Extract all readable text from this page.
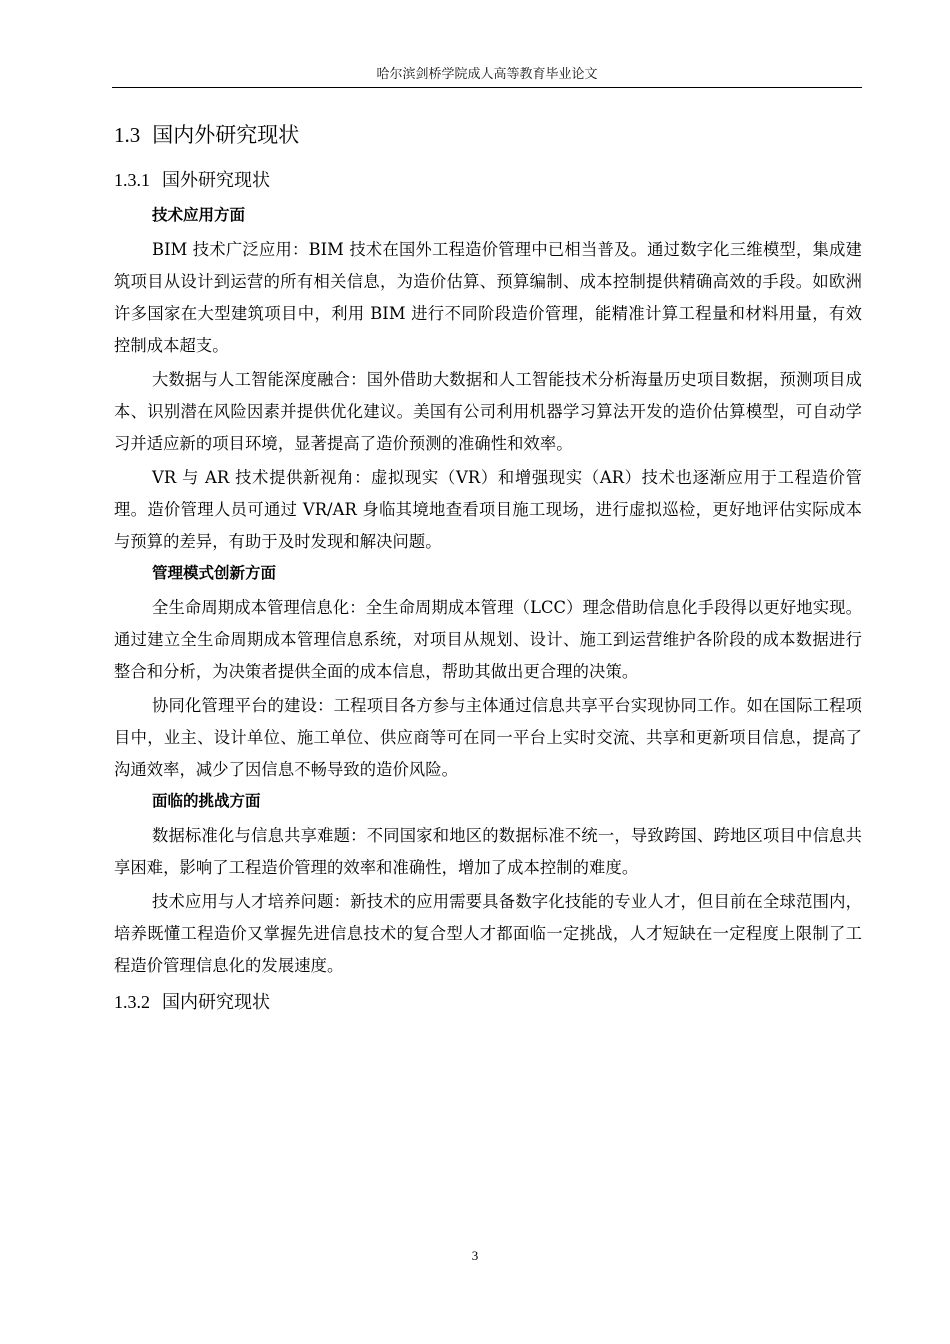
哈尔滨剑桥学院成人高等教育毕业论文
1.3 国内外研究现状
1.3.1 国外研究现状
技术应用方面

BIM 技术广泛应用：BIM 技术在国外工程造价管理中已相当普及。通过数字化三维模型，集成建筑项目从设计到运营的所有相关信息，为造价估算、预算编制、成本控制提供精确高效的手段。如欧洲许多国家在大型建筑项目中，利用 BIM 进行不同阶段造价管理，能精准计算工程量和材料用量，有效控制成本超支。

大数据与人工智能深度融合：国外借助大数据和人工智能技术分析海量历史项目数据，预测项目成本、识别潜在风险因素并提供优化建议。美国有公司利用机器学习算法开发的造价估算模型，可自动学习并适应新的项目环境，显著提高了造价预测的准确性和效率。

VR 与 AR 技术提供新视角：虚拟现实（VR）和增强现实（AR）技术也逐渐应用于工程造价管理。造价管理人员可通过 VR/AR 身临其境地查看项目施工现场，进行虚拟巡检，更好地评估实际成本与预算的差异，有助于及时发现和解决问题。

管理模式创新方面

全生命周期成本管理信息化：全生命周期成本管理（LCC）理念借助信息化手段得以更好地实现。通过建立全生命周期成本管理信息系统，对项目从规划、设计、施工到运营维护各阶段的成本数据进行整合和分析，为决策者提供全面的成本信息，帮助其做出更合理的决策。

协同化管理平台的建设：工程项目各方参与主体通过信息共享平台实现协同工作。如在国际工程项目中，业主、设计单位、施工单位、供应商等可在同一平台上实时交流、共享和更新项目信息，提高了沟通效率，减少了因信息不畅导致的造价风险。

面临的挑战方面

数据标准化与信息共享难题：不同国家和地区的数据标准不统一，导致跨国、跨地区项目中信息共享困难，影响了工程造价管理的效率和准确性，增加了成本控制的难度。

技术应用与人才培养问题：新技术的应用需要具备数字化技能的专业人才，但目前在全球范围内，培养既懂工程造价又掌握先进信息技术的复合型人才都面临一定挑战，人才短缺在一定程度上限制了工程造价管理信息化的发展速度。

1.3.2 国内研究现状
3
